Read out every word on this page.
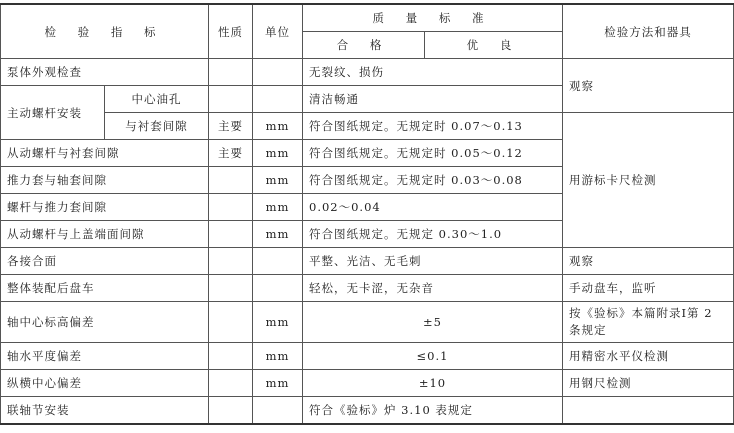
检 验 指 标		性质	单位	质 量 标 准		检验方法和器具
				合 格	优 良	
泵体外观检查				无裂纹、损伤		观察
主动螺杆安装	中心油孔			清洁畅通		
	与衬套间隙	主要	mm	符合图纸规定。无规定时 0.07～0.13		用游标卡尺检测
从动螺杆与衬套间隙		主要	mm	符合图纸规定。无规定时 0.05～0.12		
推力套与轴套间隙			mm	符合图纸规定。无规定时 0.03～0.08		
螺杆与推力套间隙			mm	0.02～0.04		
从动螺杆与上盖端面间隙			mm	符合图纸规定。无规定 0.30～1.0		
各接合面				平整、光洁、无毛刺		观察
整体装配后盘车				轻松，无卡涩，无杂音		手动盘车，监听
轴中心标高偏差			mm	±5		按《验标》本篇附录Ⅰ第 2 条规定
轴水平度偏差			mm	≤0.1		用精密水平仪检测
纵横中心偏差			mm	±10		用钢尺检测
联轴节安装				符合《验标》炉 3.10 表规定		
